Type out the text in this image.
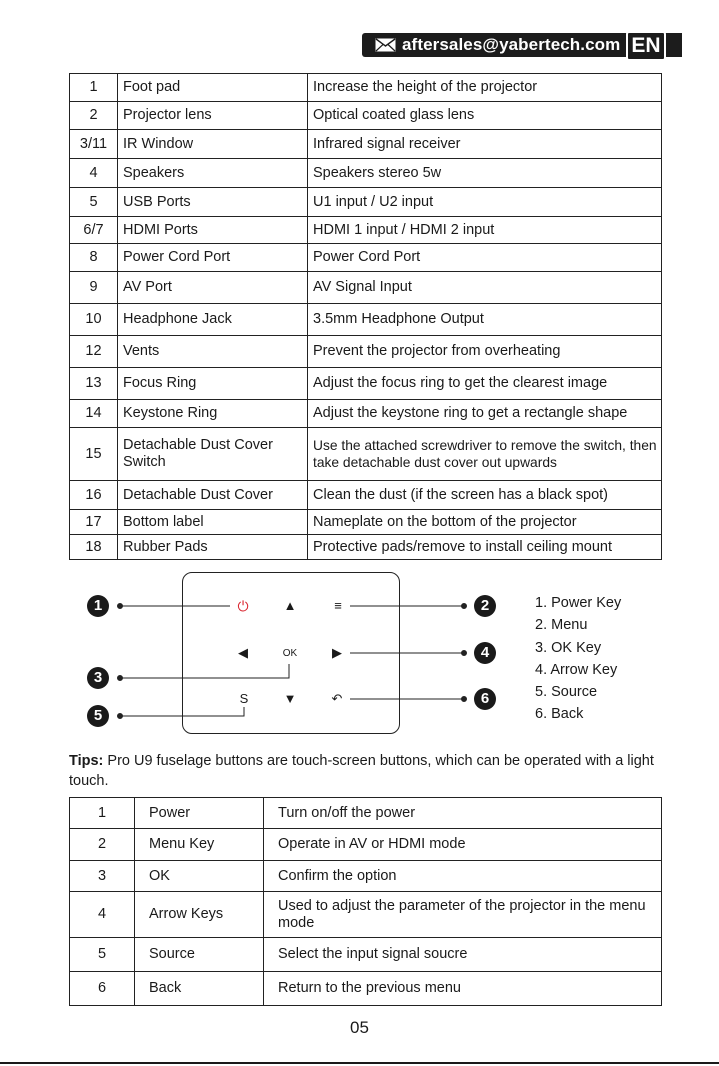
aftersales@yabertech.com EN
1	Foot pad	Increase the height of the projector
2	Projector lens	Optical coated glass lens
3/11	IR Window	Infrared signal receiver
4	Speakers	Speakers stereo 5w
5	USB Ports	U1 input / U2 input
6/7	HDMI Ports	HDMI 1 input / HDMI 2 input
8	Power Cord Port	Power Cord Port
9	AV Port	AV Signal Input
10	Headphone Jack	3.5mm Headphone Output
12	Vents	Prevent the projector from overheating
13	Focus Ring	Adjust the focus ring to get the clearest image
14	Keystone Ring	Adjust the keystone ring to get a rectangle shape
15	Detachable Dust Cover Switch	Use the attached screwdriver to remove the switch, then take detachable dust cover out upwards
16	Detachable Dust Cover	Clean the dust (if the screen has a black spot)
17	Bottom label	Nameplate on the bottom of the projector
18	Rubber Pads	Protective pads/remove to install ceiling mount
⏻	▲	≡
◀	OK	▶
S	▼	↶
1
3
5
2
4
6
1. Power Key
2. Menu
3. OK Key
4. Arrow Key
5. Source
6. Back
Tips: Pro U9 fuselage buttons are touch-screen buttons, which can be operated with a light touch.
1	Power	Turn on/off the power
2	Menu Key	Operate in AV or HDMI mode
3	OK	Confirm the option
4	Arrow Keys	Used to adjust the parameter of the projector in the menu mode
5	Source	Select the input signal soucre
6	Back	Return to the previous menu
05
